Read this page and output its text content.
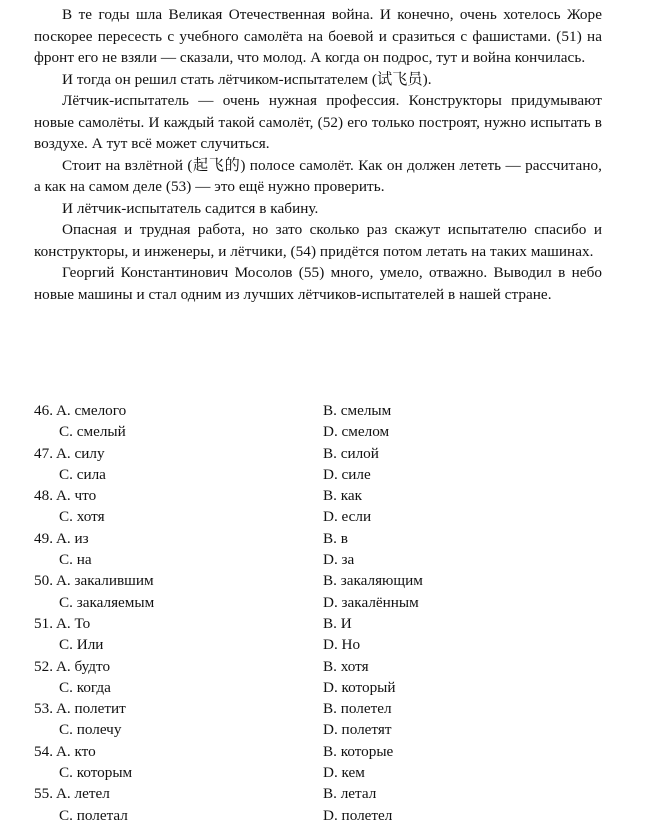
В те годы шла Великая Отечественная война. И конечно, очень хотелось Жоре поскорее пересесть с учебного самолёта на боевой и сразиться с фашистами. (51) на фронт его не взяли — сказали, что молод. А когда он подрос, тут и война кончилась.

И тогда он решил стать лётчиком-испытателем (试飞员).

Лётчик-испытатель — очень нужная профессия. Конструкторы придумывают новые самолёты. И каждый такой самолёт, (52) его только построят, нужно испытать в воздухе. А тут всё может случиться.

Стоит на взлётной (起飞的) полосе самолёт. Как он должен лететь — рассчитано, а как на самом деле (53) — это ещё нужно проверить.

И лётчик-испытатель садится в кабину.

Опасная и трудная работа, но зато сколько раз скажут испытателю спасибо и конструкторы, и инженеры, и лётчики, (54) придётся потом летать на таких машинах.

Георгий Константинович Мосолов (55) много, умело, отважно. Выводил в небо новые машины и стал одним из лучших лётчиков-испытателей в нашей стране.

46. A. смелого	B. смелым
C. смелый	D. смелом
47. A. силу	B. силой
C. сила	D. силе
48. A. что	B. как
C. хотя	D. если
49. A. из	B. в
C. на	D. за
50. A. закалившим	B. закаляющим
C. закаляемым	D. закалённым
51. A. То	B. И
C. Или	D. Но
52. A. будто	B. хотя
C. когда	D. который
53. A. полетит	B. полетел
C. полечу	D. полетят
54. A. кто	B. которые
C. которым	D. кем
55. A. летел	B. летал
C. полетал	D. полетел
